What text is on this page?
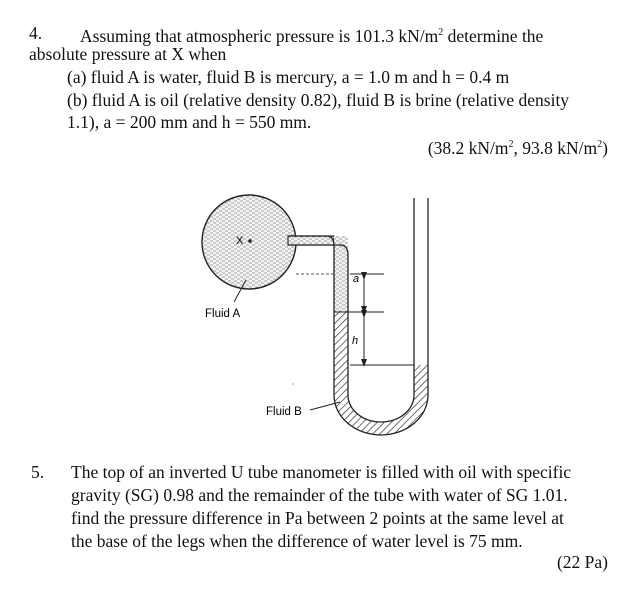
4. Assuming that atmospheric pressure is 101.3 $kN/m^2$ determine the
absolute pressure at X when
(a) fluid A is water, fluid B is mercury, a = 1.0 m and h = 0.4 m
(b) fluid A is oil (relative density 0.82), fluid B is brine (relative density
1.1), a = 200 mm and h = 550 mm.
(38.2 $kN/m^2$, 93.8 $kN/m^2$)
a
h
X
Fluid A
Fluid B
5. The top of an inverted U tube manometer is filled with oil with specific
gravity (SG) 0.98 and the remainder of the tube with water of SG 1.01.
find the pressure difference in Pa between 2 points at the same level at
the base of the legs when the difference of water level is 75 mm.
(22 Pa)
